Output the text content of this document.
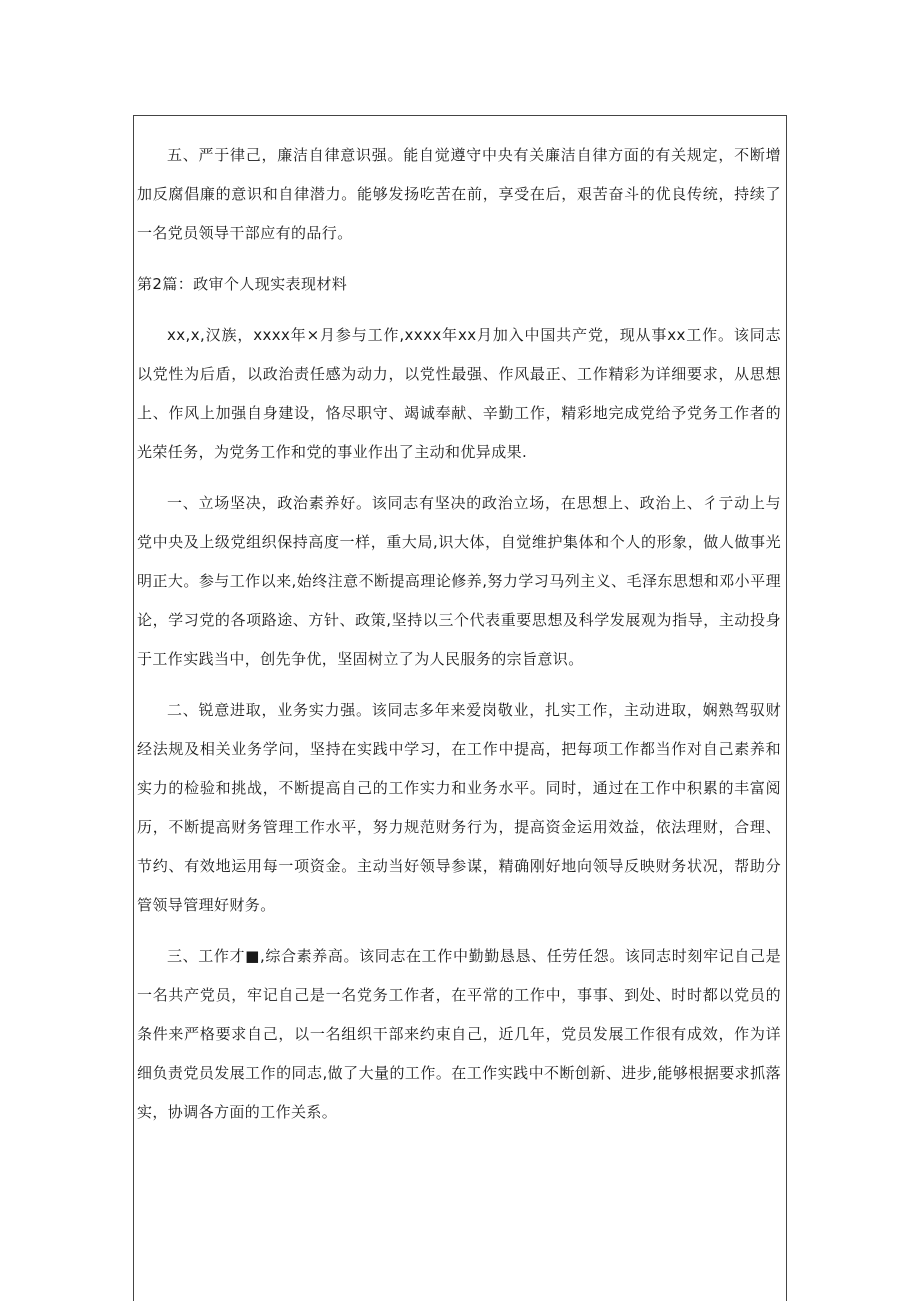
五、严于律己，廉洁自律意识强。能自觉遵守中央有关廉洁自律方面的有关规定，不断增加反腐倡廉的意识和自律潜力。能够发扬吃苦在前，享受在后，艰苦奋斗的优良传统，持续了一名党员领导干部应有的品行。

第2篇：政审个人现实表现材料

xx,x,汉族，xxxx年×月参与工作,xxxx年xx月加入中国共产党，现从事xx工作。该同志以党性为后盾，以政治责任感为动力，以党性最强、作风最正、工作精彩为详细要求，从思想上、作风上加强自身建设，恪尽职守、竭诚奉献、辛勤工作，精彩地完成党给予党务工作者的光荣任务，为党务工作和党的事业作出了主动和优异成果.

一、立场坚决，政治素养好。该同志有坚决的政治立场，在思想上、政治上、彳亍动上与党中央及上级党组织保持高度一样，重大局,识大体，自觉维护集体和个人的形象，做人做事光明正大。参与工作以来,始终注意不断提高理论修养,努力学习马列主义、毛泽东思想和邓小平理论，学习党的各项路途、方针、政策,坚持以三个代表重要思想及科学发展观为指导，主动投身于工作实践当中，创先争优，坚固树立了为人民服务的宗旨意识。

二、锐意进取，业务实力强。该同志多年来爱岗敬业，扎实工作，主动进取，娴熟驾驭财经法规及相关业务学问，坚持在实践中学习，在工作中提高，把每项工作都当作对自己素养和实力的检验和挑战，不断提高自己的工作实力和业务水平。同时，通过在工作中积累的丰富阅历，不断提高财务管理工作水平，努力规范财务行为，提高资金运用效益，依法理财，合理、节约、有效地运用每一项资金。主动当好领导参谋，精确刚好地向领导反映财务状况，帮助分管领导管理好财务。

三、工作才■,综合素养高。该同志在工作中勤勤恳恳、任劳任怨。该同志时刻牢记自己是一名共产党员，牢记自己是一名党务工作者，在平常的工作中，事事、到处、时时都以党员的条件来严格要求自己，以一名组织干部来约束自己，近几年，党员发展工作很有成效，作为详细负责党员发展工作的同志,做了大量的工作。在工作实践中不断创新、进步,能够根据要求抓落实，协调各方面的工作关系。
